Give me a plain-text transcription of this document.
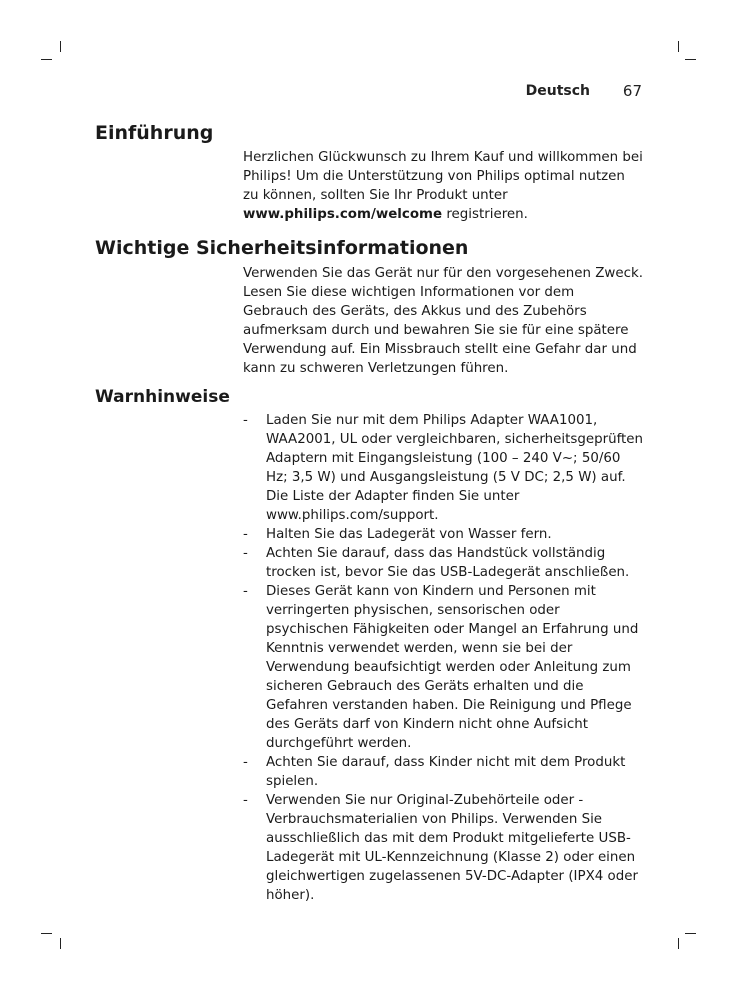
Deutsch	67
Einführung

Herzlichen Glückwunsch zu Ihrem Kauf und willkommen bei Philips! Um die Unterstützung von Philips optimal nutzen zu können, sollten Sie Ihr Produkt unter www.philips.com/welcome registrieren.

Wichtige Sicherheitsinformationen

Verwenden Sie das Gerät nur für den vorgesehenen Zweck. Lesen Sie diese wichtigen Informationen vor dem Gebrauch des Geräts, des Akkus und des Zubehörs aufmerksam durch und bewahren Sie sie für eine spätere Verwendung auf. Ein Missbrauch stellt eine Gefahr dar und kann zu schweren Verletzungen führen.

Warnhinweise
- Laden Sie nur mit dem Philips Adapter WAA1001, WAA2001, UL oder vergleichbaren, sicherheitsgeprüften Adaptern mit Eingangsleistung (100 – 240 V~; 50/60 Hz; 3,5 W) und Ausgangsleistung (5 V DC; 2,5 W) auf. Die Liste der Adapter finden Sie unter www.philips.com/support.
- Halten Sie das Ladegerät von Wasser fern.
- Achten Sie darauf, dass das Handstück vollständig trocken ist, bevor Sie das USB-Ladegerät anschließen.
- Dieses Gerät kann von Kindern und Personen mit verringerten physischen, sensorischen oder psychischen Fähigkeiten oder Mangel an Erfahrung und Kenntnis verwendet werden, wenn sie bei der Verwendung beaufsichtigt werden oder Anleitung zum sicheren Gebrauch des Geräts erhalten und die Gefahren verstanden haben. Die Reinigung und Pflege des Geräts darf von Kindern nicht ohne Aufsicht durchgeführt werden.
- Achten Sie darauf, dass Kinder nicht mit dem Produkt spielen.
- Verwenden Sie nur Original-Zubehörteile oder -Verbrauchsmaterialien von Philips. Verwenden Sie ausschließlich das mit dem Produkt mitgelieferte USB-Ladegerät mit UL-Kennzeichnung (Klasse 2) oder einen gleichwertigen zugelassenen 5V-DC-Adapter (IPX4 oder höher).
